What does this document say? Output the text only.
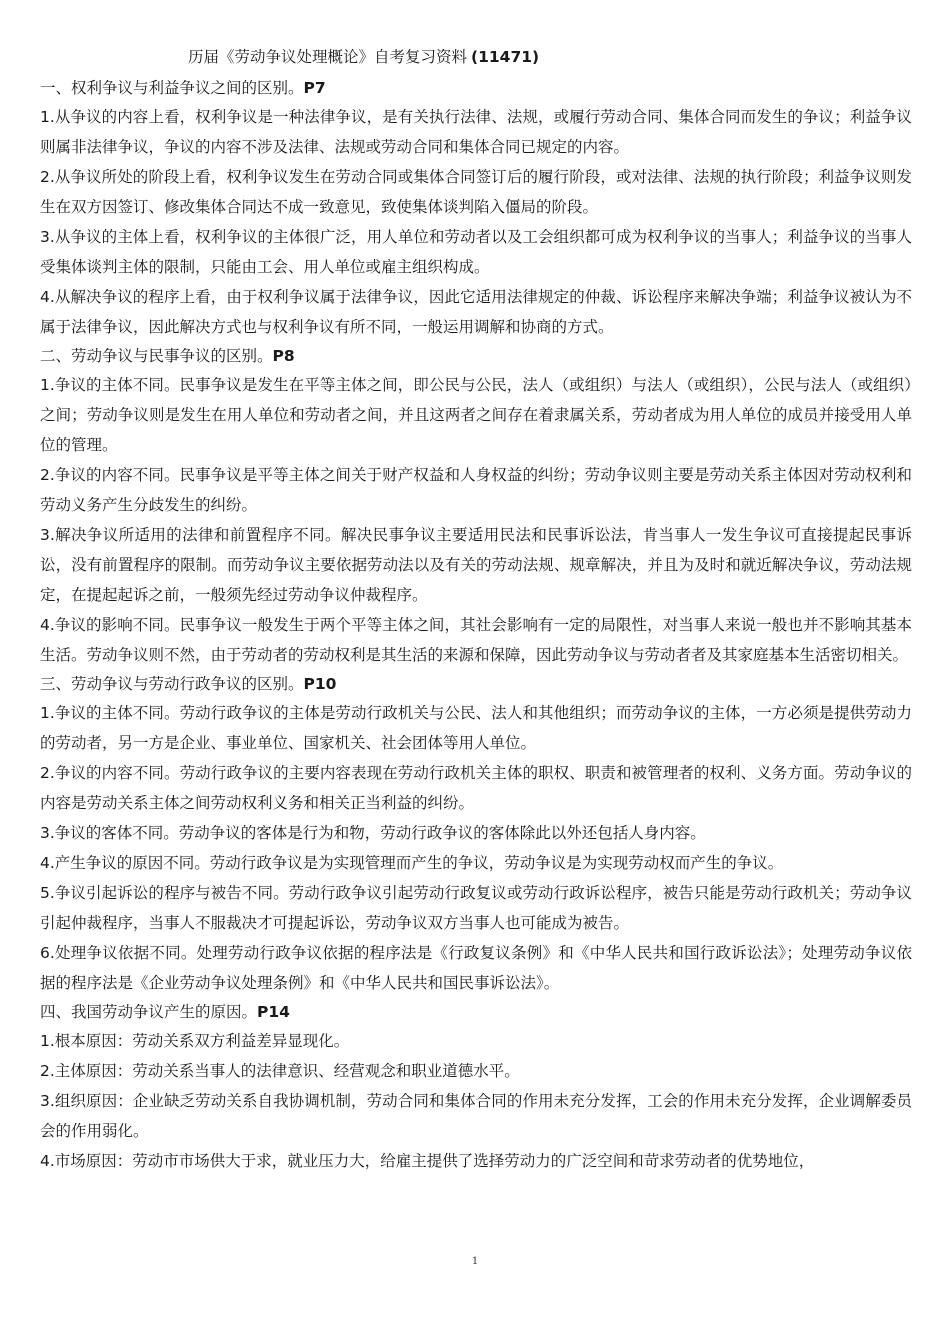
历届《劳动争议处理概论》自考复习资料 (11471)

一、权利争议与利益争议之间的区别。P7

1.从争议的内容上看，权利争议是一种法律争议，是有关执行法律、法规，或履行劳动合同、集体合同而发生的争议；利益争议则属非法律争议，争议的内容不涉及法律、法规或劳动合同和集体合同已规定的内容。

2.从争议所处的阶段上看，权利争议发生在劳动合同或集体合同签订后的履行阶段，或对法律、法规的执行阶段；利益争议则发生在双方因签订、修改集体合同达不成一致意见，致使集体谈判陷入僵局的阶段。

3.从争议的主体上看，权利争议的主体很广泛，用人单位和劳动者以及工会组织都可成为权利争议的当事人；利益争议的当事人受集体谈判主体的限制，只能由工会、用人单位或雇主组织构成。

4.从解决争议的程序上看，由于权利争议属于法律争议，因此它适用法律规定的仲裁、诉讼程序来解决争端；利益争议被认为不属于法律争议，因此解决方式也与权利争议有所不同，一般运用调解和协商的方式。

二、劳动争议与民事争议的区别。P8

1.争议的主体不同。民事争议是发生在平等主体之间，即公民与公民，法人（或组织）与法人（或组织），公民与法人（或组织）之间；劳动争议则是发生在用人单位和劳动者之间，并且这两者之间存在着隶属关系，劳动者成为用人单位的成员并接受用人单位的管理。

2.争议的内容不同。民事争议是平等主体之间关于财产权益和人身权益的纠纷；劳动争议则主要是劳动关系主体因对劳动权利和劳动义务产生分歧发生的纠纷。

3.解决争议所适用的法律和前置程序不同。解决民事争议主要适用民法和民事诉讼法，肯当事人一发生争议可直接提起民事诉讼，没有前置程序的限制。而劳动争议主要依据劳动法以及有关的劳动法规、规章解决，并且为及时和就近解决争议，劳动法规定，在提起起诉之前，一般须先经过劳动争议仲裁程序。

4.争议的影响不同。民事争议一般发生于两个平等主体之间，其社会影响有一定的局限性，对当事人来说一般也并不影响其基本生活。劳动争议则不然，由于劳动者的劳动权利是其生活的来源和保障，因此劳动争议与劳动者者及其家庭基本生活密切相关。

三、劳动争议与劳动行政争议的区别。P10

1.争议的主体不同。劳动行政争议的主体是劳动行政机关与公民、法人和其他组织；而劳动争议的主体，一方必须是提供劳动力的劳动者，另一方是企业、事业单位、国家机关、社会团体等用人单位。

2.争议的内容不同。劳动行政争议的主要内容表现在劳动行政机关主体的职权、职责和被管理者的权利、义务方面。劳动争议的内容是劳动关系主体之间劳动权利义务和相关正当利益的纠纷。

3.争议的客体不同。劳动争议的客体是行为和物，劳动行政争议的客体除此以外还包括人身内容。

4.产生争议的原因不同。劳动行政争议是为实现管理而产生的争议，劳动争议是为实现劳动权而产生的争议。

5.争议引起诉讼的程序与被告不同。劳动行政争议引起劳动行政复议或劳动行政诉讼程序，被告只能是劳动行政机关；劳动争议引起仲裁程序，当事人不服裁决才可提起诉讼，劳动争议双方当事人也可能成为被告。

6.处理争议依据不同。处理劳动行政争议依据的程序法是《行政复议条例》和《中华人民共和国行政诉讼法》；处理劳动争议依据的程序法是《企业劳动争议处理条例》和《中华人民共和国民事诉讼法》。

四、我国劳动争议产生的原因。P14

1.根本原因：劳动关系双方利益差异显现化。

2.主体原因：劳动关系当事人的法律意识、经营观念和职业道德水平。

3.组织原因：企业缺乏劳动关系自我协调机制，劳动合同和集体合同的作用未充分发挥，工会的作用未充分发挥，企业调解委员会的作用弱化。

4.市场原因：劳动市市场供大于求，就业压力大，给雇主提供了选择劳动力的广泛空间和苛求劳动者的优势地位，

1
